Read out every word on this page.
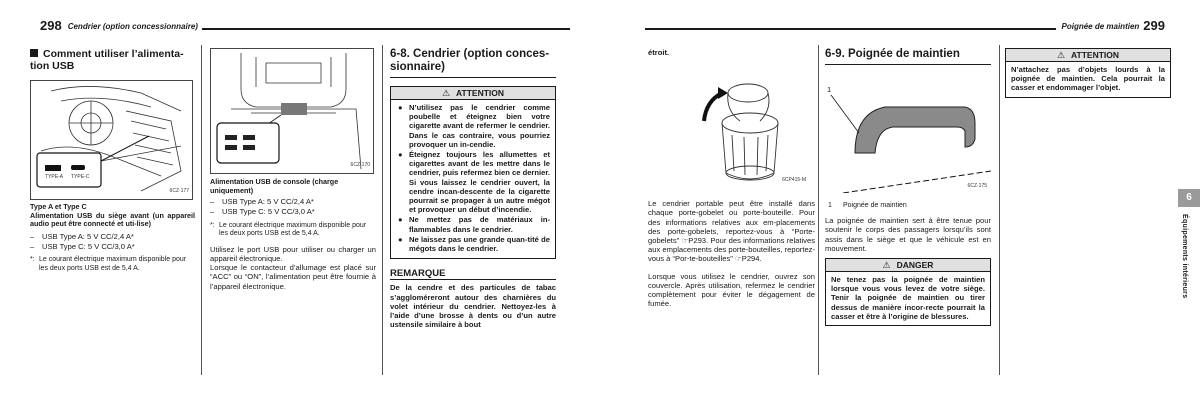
298 Cendrier (option concessionnaire)
Comment utiliser l’alimenta-
tion USB
TYPE-A TYPE-C
6CZ·177
Type A et Type C

Alimentation USB du siège avant (un appareil audio peut être connecté et uti-lise)

–	USB Type A: 5 V CC/2,4 A*
–	USB Type C: 5 V CC/3,0 A*
*: Le courant électrique maximum disponible pour les deux ports USB est de 5,4 A.
6CZ·170
Alimentation USB de console (charge uniquement)
–	USB Type A: 5 V CC/2,4 A*
–	USB Type C: 5 V CC/3,0 A*
*: Le courant électrique maximum disponible pour les deux ports USB est de 5,4 A.

Utilisez le port USB pour utiliser ou charger un appareil électronique.

Lorsque le contacteur d’allumage est placé sur “ACC” ou “ON”, l’alimentation peut être fournie à l’appareil électronique.

6-8. Cendrier (option conces-sionnaire)
⚠ ATTENTION
● N’utilisez pas le cendrier comme poubelle et éteignez bien votre cigarette avant de refermer le cendrier. Dans le cas contraire, vous pourriez provoquer un in-cendie.

● Éteignez toujours les allumettes et cigarettes avant de les mettre dans le cendrier, puis refermez bien ce dernier. Si vous laissez le cendrier ouvert, la cendre incan-descente de la cigarette pourrait se propager à un autre mégot et provoquer un début d’incendie.

● Ne mettez pas de matériaux in-flammables dans le cendrier.

● Ne laissez pas une grande quan-tité de mégots dans le cendrier.

REMARQUE

De la cendre et des particules de tabac s’aggloméreront autour des charnières du volet intérieur du cendrier. Nettoyez-les à l’aide d’une brosse à dents ou d’un autre ustensile similaire à bout

Poignée de maintien 299
étroit.
6CP415-M

Le cendrier portable peut être installé dans chaque porte-gobelet ou porte-bouteille. Pour des informations relatives aux em-placements des porte-gobelets, reportez-vous à “Porte-gobelets” ☞P293. Pour des informations relatives aux emplacements des porte-bouteilles, reportez-vous à “Por-te-bouteilles” ☞P294.

Lorsque vous utilisez le cendrier, ouvrez son couvercle. Après utilisation, refermez le cendrier complètement pour éviter le dégagement de fumée.

6-9. Poignée de maintien
1
6CZ·175
1	Poignée de maintien

La poignée de maintien sert à être tenue pour soutenir le corps des passagers lorsqu’ils sont assis dans le siège et que le véhicule est en mouvement.

⚠ DANGER

Ne tenez pas la poignée de maintien lorsque vous vous levez de votre siège. Tenir la poignée de maintien ou tirer dessus de manière incor-recte pourrait la casser et être à l’origine de blessures.

⚠ ATTENTION

N’attachez pas d’objets lourds à la poignée de maintien. Cela pourrait la casser et endommager l’objet.

6
Équipements intérieurs
